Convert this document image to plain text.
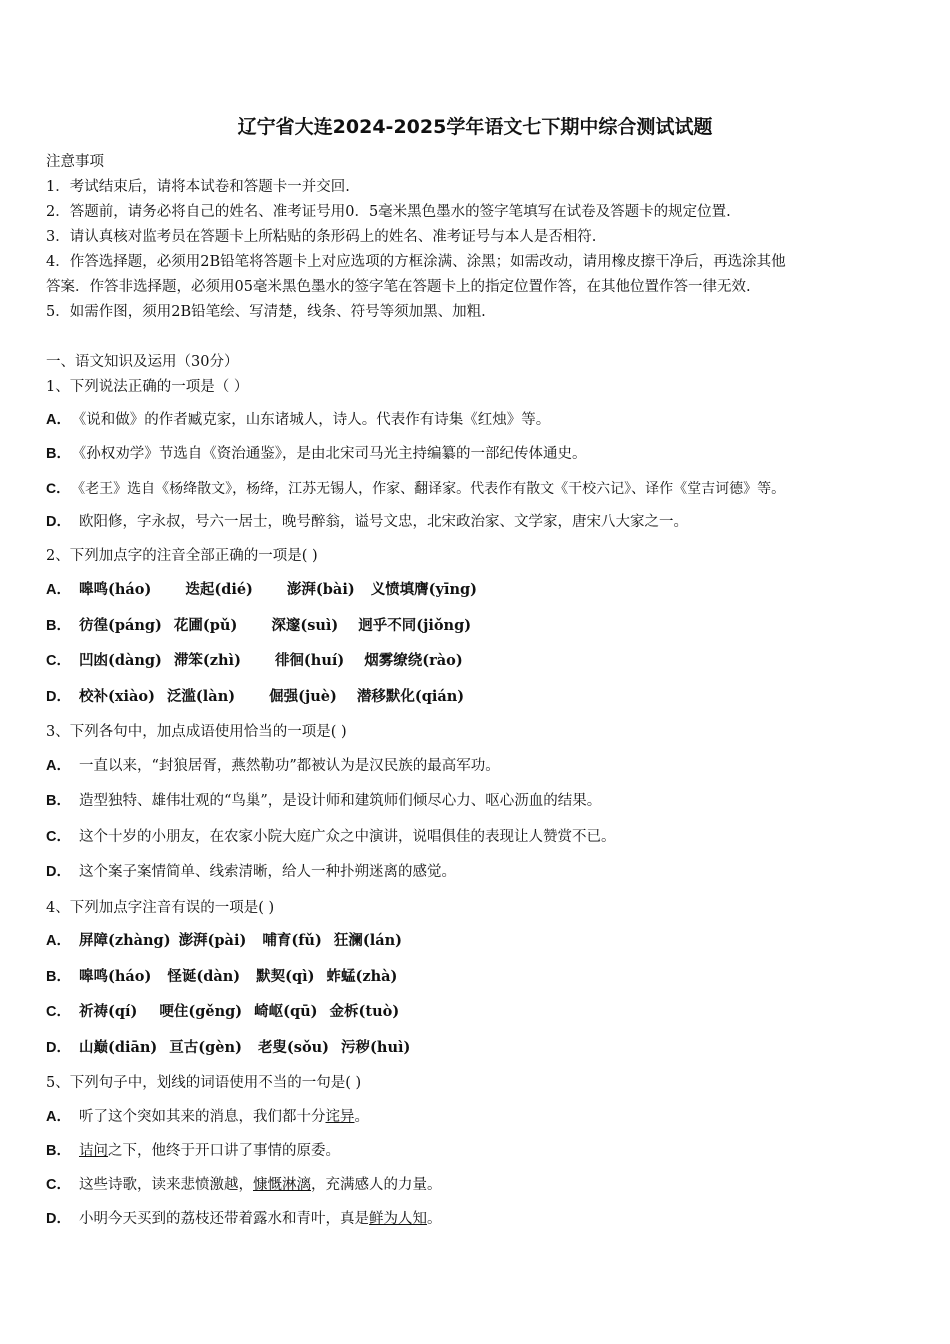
辽宁省大连2024-2025学年语文七下期中综合测试试题
注意事项
1．考试结束后，请将本试卷和答题卡一并交回.
2．答题前，请务必将自己的姓名、准考证号用0．5毫米黑色墨水的签字笔填写在试卷及答题卡的规定位置.
3．请认真核对监考员在答题卡上所粘贴的条形码上的姓名、准考证号与本人是否相符.
4．作答选择题，必须用2B铅笔将答题卡上对应选项的方框涂满、涂黑；如需改动，请用橡皮擦干净后，再选涂其他
答案．作答非选择题，必须用05毫米黑色墨水的签字笔在答题卡上的指定位置作答，在其他位置作答一律无效.
5．如需作图，须用2B铅笔绘、写清楚，线条、符号等须加黑、加粗.
一、语文知识及运用（30分）
1、下列说法正确的一项是（ ）
A． 《说和做》的作者臧克家，山东诸城人，诗人。代表作有诗集《红烛》等。
B． 《孙权劝学》节选自《资治通鉴》，是由北宋司马光主持编纂的一部纪传体通史。
C． 《老王》选自《杨绛散文》，杨绛，江苏无锡人，作家、翻译家。代表作有散文《干校六记》、译作《堂吉诃德》等。
D． 欧阳修，字永叔，号六一居士，晚号醉翁，谥号文忠，北宋政治家、文学家，唐宋八大家之一。
2、下列加点字的注音全部正确的一项是( )
A． 嗥鸣(háo) 迭起(dié) 澎湃(bài) 义愤填膺(yīng)
B． 彷徨(páng) 花圃(pǔ) 深邃(suì) 迥乎不同(jiǒng)
C． 凹凼(dàng) 滞笨(zhì) 徘徊(huí) 烟雾缭绕(rào)
D． 校补(xiào) 泛滥(làn) 倔强(juè) 潜移默化(qián)
3、下列各句中，加点成语使用恰当的一项是( )
A． 一直以来，“封狼居胥，燕然勒功”都被认为是汉民族的最高军功。
B． 造型独特、雄伟壮观的“鸟巢”，是设计师和建筑师们倾尽心力、呕心沥血的结果。
C． 这个十岁的小朋友，在农家小院大庭广众之中演讲，说唱俱佳的表现让人赞赏不已。
D． 这个案子案情简单、线索清晰，给人一种扑朔迷离的感觉。
4、下列加点字注音有误的一项是( )
A． 屏障(zhàng) 澎湃(pài) 哺育(fǔ) 狂澜(lán)
B． 嗥鸣(háo) 怪诞(dàn) 默契(qì) 蚱蜢(zhà)
C． 祈祷(qí) 哽住(gěng) 崎岖(qū) 金柝(tuò)
D． 山巅(diān) 亘古(gèn) 老叟(sǒu) 污秽(huì)
5、下列句子中，划线的词语使用不当的一句是( )
A． 听了这个突如其来的消息，我们都十分诧异。
B． 诘问之下，他终于开口讲了事情的原委。
C． 这些诗歌，读来悲愤激越，慷慨淋漓，充满感人的力量。
D． 小明今天买到的荔枝还带着露水和青叶，真是鲜为人知。
